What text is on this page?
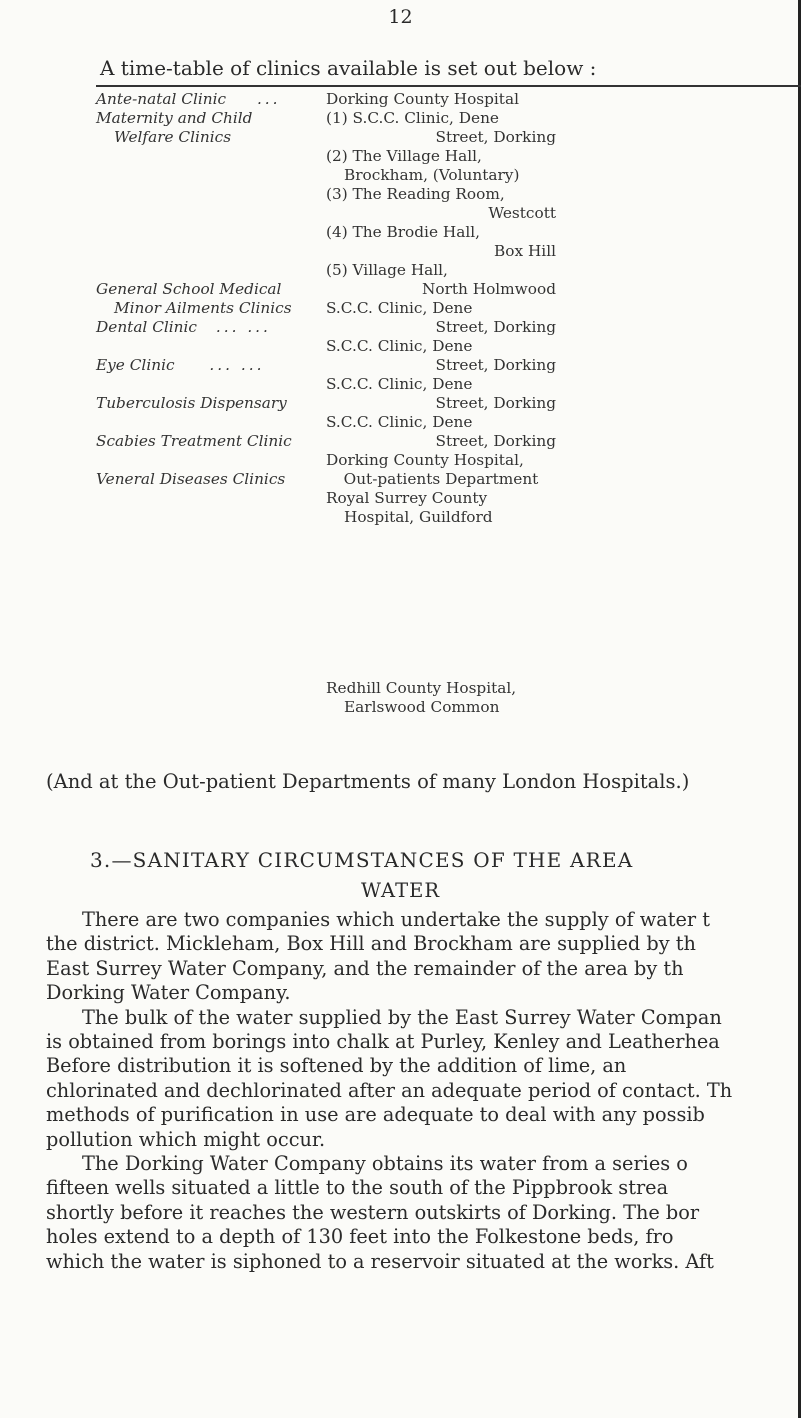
12
A time-table of clinics available is set out below :
Ante-natal Clinic ...
Maternity and Child
Welfare Clinics
General School Medical
Minor Ailments Clinics
Dental Clinic ... ...
Eye Clinic ... ...
Tuberculosis Dispensary
Scabies Treatment Clinic
Veneral Diseases Clinics
Dorking County Hospital
(1) S.C.C. Clinic, Dene
Street, Dorking
(2) The Village Hall,
Brockham, (Voluntary)
(3) The Reading Room,
Westcott
(4) The Brodie Hall,
Box Hill
(5) Village Hall,
North Holmwood
S.C.C. Clinic, Dene
Street, Dorking
S.C.C. Clinic, Dene
Street, Dorking
S.C.C. Clinic, Dene
Street, Dorking
S.C.C. Clinic, Dene
Street, Dorking
Dorking County Hospital,
Out-patients Department
Royal Surrey County
Hospital, Guildford
Redhill County Hospital,
Earlswood Common
(And at the Out-patient Departments of many London Hospitals.)
3.—SANITARY CIRCUMSTANCES OF THE AREA
WATER

There are two companies which undertake the supply of water t

the district. Mickleham, Box Hill and Brockham are supplied by th

East Surrey Water Company, and the remainder of the area by th

Dorking Water Company.

The bulk of the water supplied by the East Surrey Water Compan

is obtained from borings into chalk at Purley, Kenley and Leatherhea

Before distribution it is softened by the addition of lime, an

chlorinated and dechlorinated after an adequate period of contact. Th

methods of purification in use are adequate to deal with any possib

pollution which might occur.

The Dorking Water Company obtains its water from a series o

fifteen wells situated a little to the south of the Pippbrook strea

shortly before it reaches the western outskirts of Dorking. The bor

holes extend to a depth of 130 feet into the Folkestone beds, fro

which the water is siphoned to a reservoir situated at the works. Aft
